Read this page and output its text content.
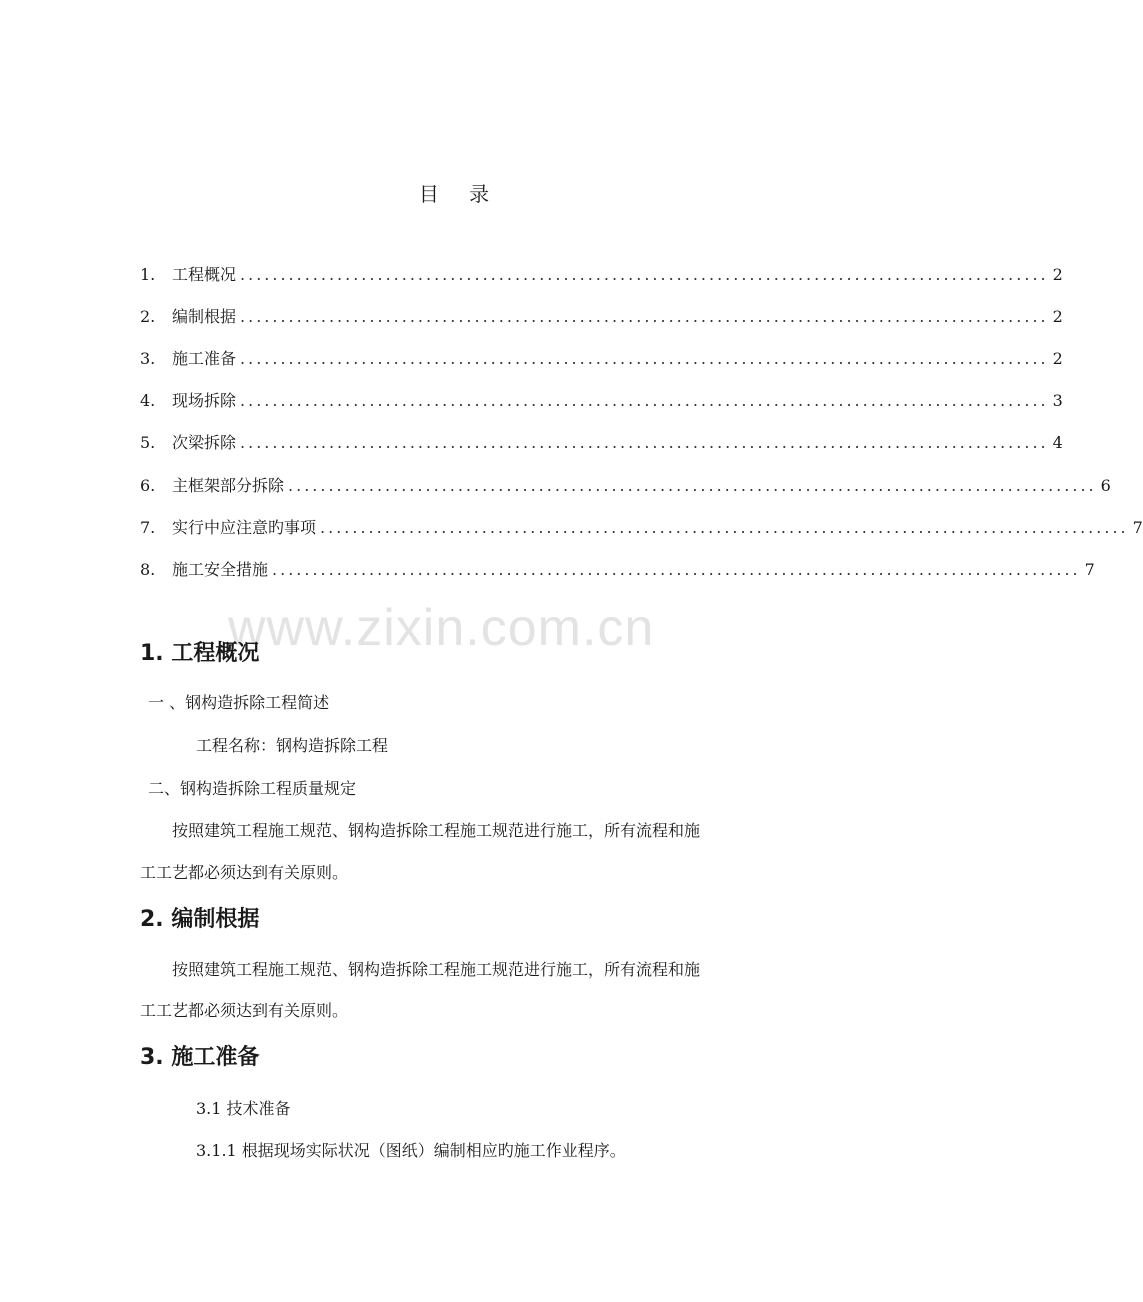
目 录
1.	工程概况 .................................................................................................... 2
2.	编制根据 .................................................................................................... 2
3.	施工准备 .................................................................................................... 2
4.	现场拆除 .................................................................................................... 3
5.	次梁拆除 .................................................................................................... 4
6.	主框架部分拆除 .................................................................................................... 6
7.	实行中应注意旳事项 .................................................................................................... 7
8.	施工安全措施 .................................................................................................... 7
www.zixin.com.cn
1. 工程概况
一 、钢构造拆除工程简述
工程名称：钢构造拆除工程
二、钢构造拆除工程质量规定
按照建筑工程施工规范、钢构造拆除工程施工规范进行施工，所有流程和施
工工艺都必须达到有关原则。
2. 编制根据
按照建筑工程施工规范、钢构造拆除工程施工规范进行施工，所有流程和施
工工艺都必须达到有关原则。
3. 施工准备
3.1 技术准备
3.1.1 根据现场实际状况（图纸）编制相应旳施工作业程序。
